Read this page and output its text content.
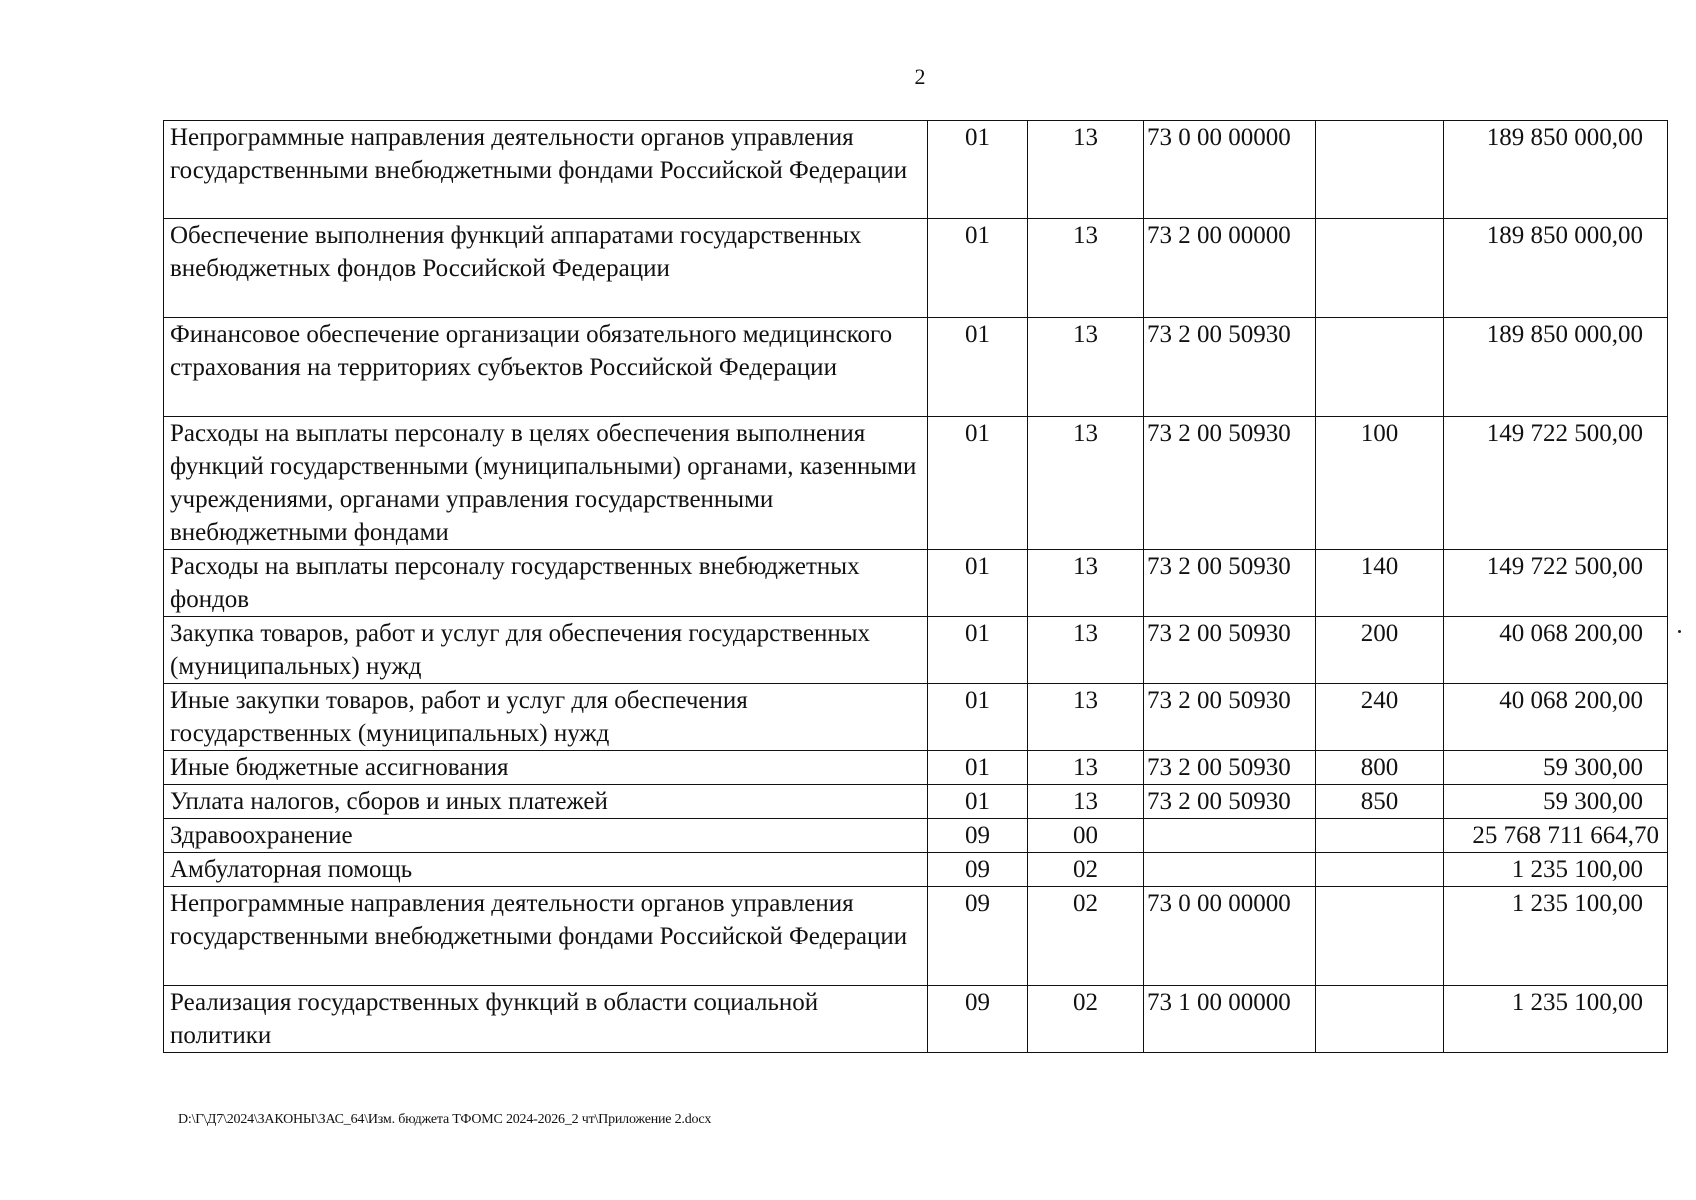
2
Непрограммные направления деятельности органов управления государственными внебюджетными фондами Российской Федерации	01	13	73 0 00 00000		189 850 000,00
Обеспечение выполнения функций аппаратами государственных внебюджетных фондов Российской Федерации	01	13	73 2 00 00000		189 850 000,00
Финансовое обеспечение организации обязательного медицинского страхования на территориях субъектов Российской Федерации	01	13	73 2 00 50930		189 850 000,00
Расходы на выплаты персоналу в целях обеспечения выполнения функций государственными (муниципальными) органами, казенными учреждениями, органами управления государственными внебюджетными фондами	01	13	73 2 00 50930	100	149 722 500,00
Расходы на выплаты персоналу государственных внебюджетных фондов	01	13	73 2 00 50930	140	149 722 500,00
Закупка товаров, работ и услуг для обеспечения государственных (муниципальных) нужд	01	13	73 2 00 50930	200	40 068 200,00
Иные закупки товаров, работ и услуг для обеспечения государственных (муниципальных) нужд	01	13	73 2 00 50930	240	40 068 200,00
Иные бюджетные ассигнования	01	13	73 2 00 50930	800	59 300,00
Уплата налогов, сборов и иных платежей	01	13	73 2 00 50930	850	59 300,00
Здравоохранение	09	00			25 768 711 664,70
Амбулаторная помощь	09	02			1 235 100,00
Непрограммные направления деятельности органов управления государственными внебюджетными фондами Российской Федерации	09	02	73 0 00 00000		1 235 100,00
Реализация государственных функций в области социальной политики	09	02	73 1 00 00000		1 235 100,00
D:\Г\Д7\2024\ЗАКОНЫ\ЗАС_64\Изм. бюджета ТФОМС 2024-2026_2 чт\Приложение 2.docx
